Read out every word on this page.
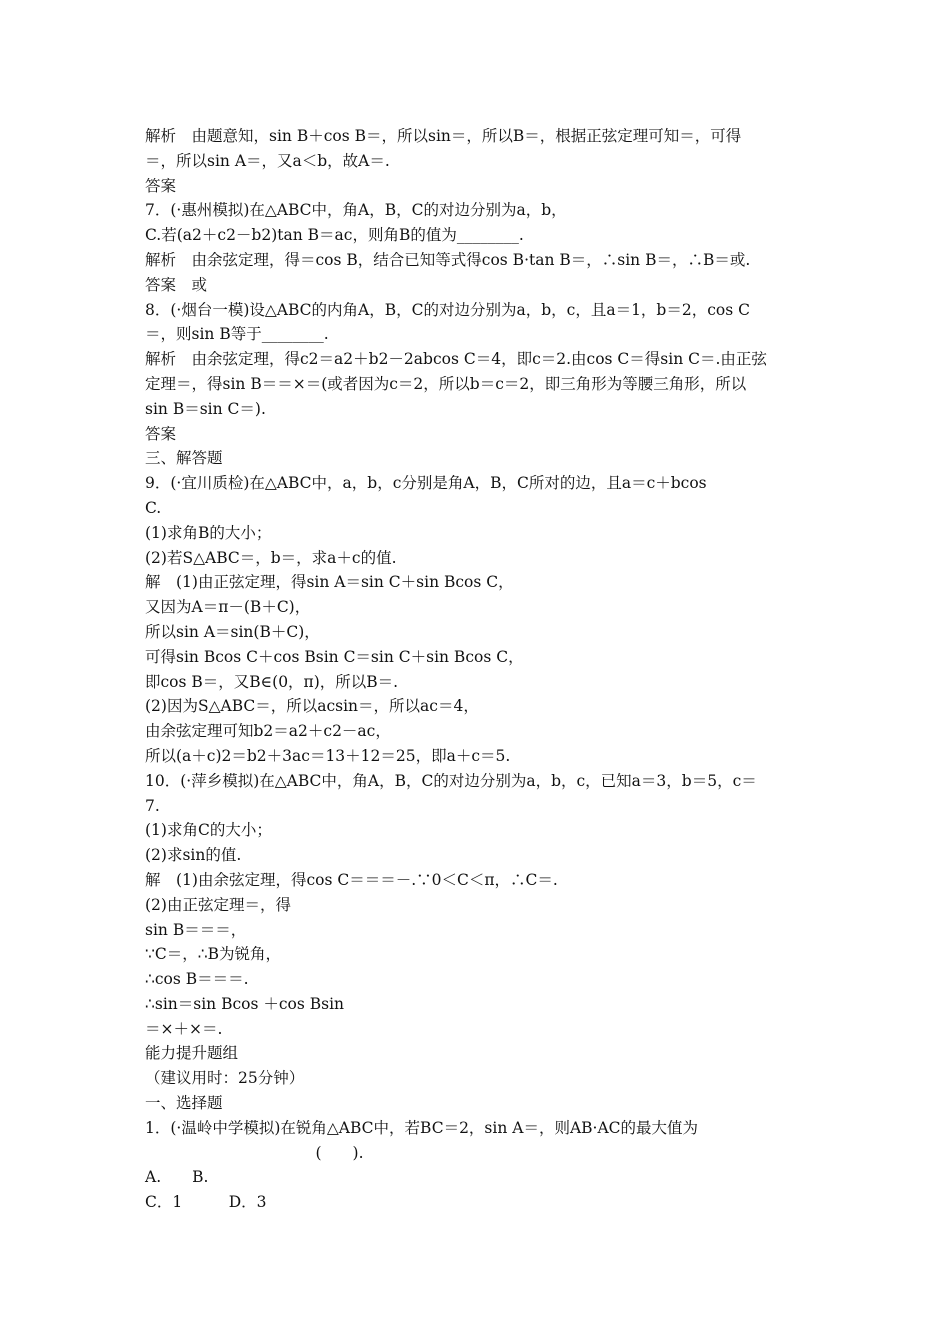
解析　由题意知，sin B＋cos B＝，所以sin＝，所以B＝，根据正弦定理可知＝，可得
＝，所以sin A＝，又a＜b，故A＝.
答案
7．(·惠州模拟)在△ABC中，角A，B，C的对边分别为a，b，
C.若(a2＋c2－b2)tan B＝ac，则角B的值为________.
解析　由余弦定理，得＝cos B，结合已知等式得cos B·tan B＝，∴sin B＝，∴B＝或.
答案　或
8．(·烟台一模)设△ABC的内角A，B，C的对边分别为a，b，c，且a＝1，b＝2，cos C
＝，则sin B等于________.
解析　由余弦定理，得c2＝a2＋b2－2abcos C＝4，即c＝2.由cos C＝得sin C＝.由正弦
定理＝，得sin B＝＝×＝(或者因为c＝2，所以b＝c＝2，即三角形为等腰三角形，所以
sin B＝sin C＝).
答案
三、解答题
9．(·宜川质检)在△ABC中，a，b，c分别是角A，B，C所对的边，且a＝c＋bcos
C.
(1)求角B的大小；
(2)若S△ABC＝，b＝，求a＋c的值.
解　(1)由正弦定理，得sin A＝sin C＋sin Bcos C，
又因为A＝π－(B＋C)，
所以sin A＝sin(B＋C)，
可得sin Bcos C＋cos Bsin C＝sin C＋sin Bcos C，
即cos B＝，又B∈(0，π)，所以B＝.
(2)因为S△ABC＝，所以acsin＝，所以ac＝4，
由余弦定理可知b2＝a2＋c2－ac，
所以(a＋c)2＝b2＋3ac＝13＋12＝25，即a＋c＝5.
10．(·萍乡模拟)在△ABC中，角A，B，C的对边分别为a，b，c，已知a＝3，b＝5，c＝
7.
(1)求角C的大小；
(2)求sin的值.
解　(1)由余弦定理，得cos C＝＝＝－.∵0＜C＜π，∴C＝.
(2)由正弦定理＝，得
sin B＝＝＝，
∵C＝，∴B为锐角，
∴cos B＝＝＝.
∴sin＝sin Bcos ＋cos Bsin
＝×＋×＝.
能力提升题组
（建议用时：25分钟）
一、选择题
1．(·温岭中学模拟)在锐角△ABC中，若BC＝2，sin A＝，则AB·AC的最大值为
　　　　　　　　　　　(　　).
A.　　B.
C．1　　　D．3
